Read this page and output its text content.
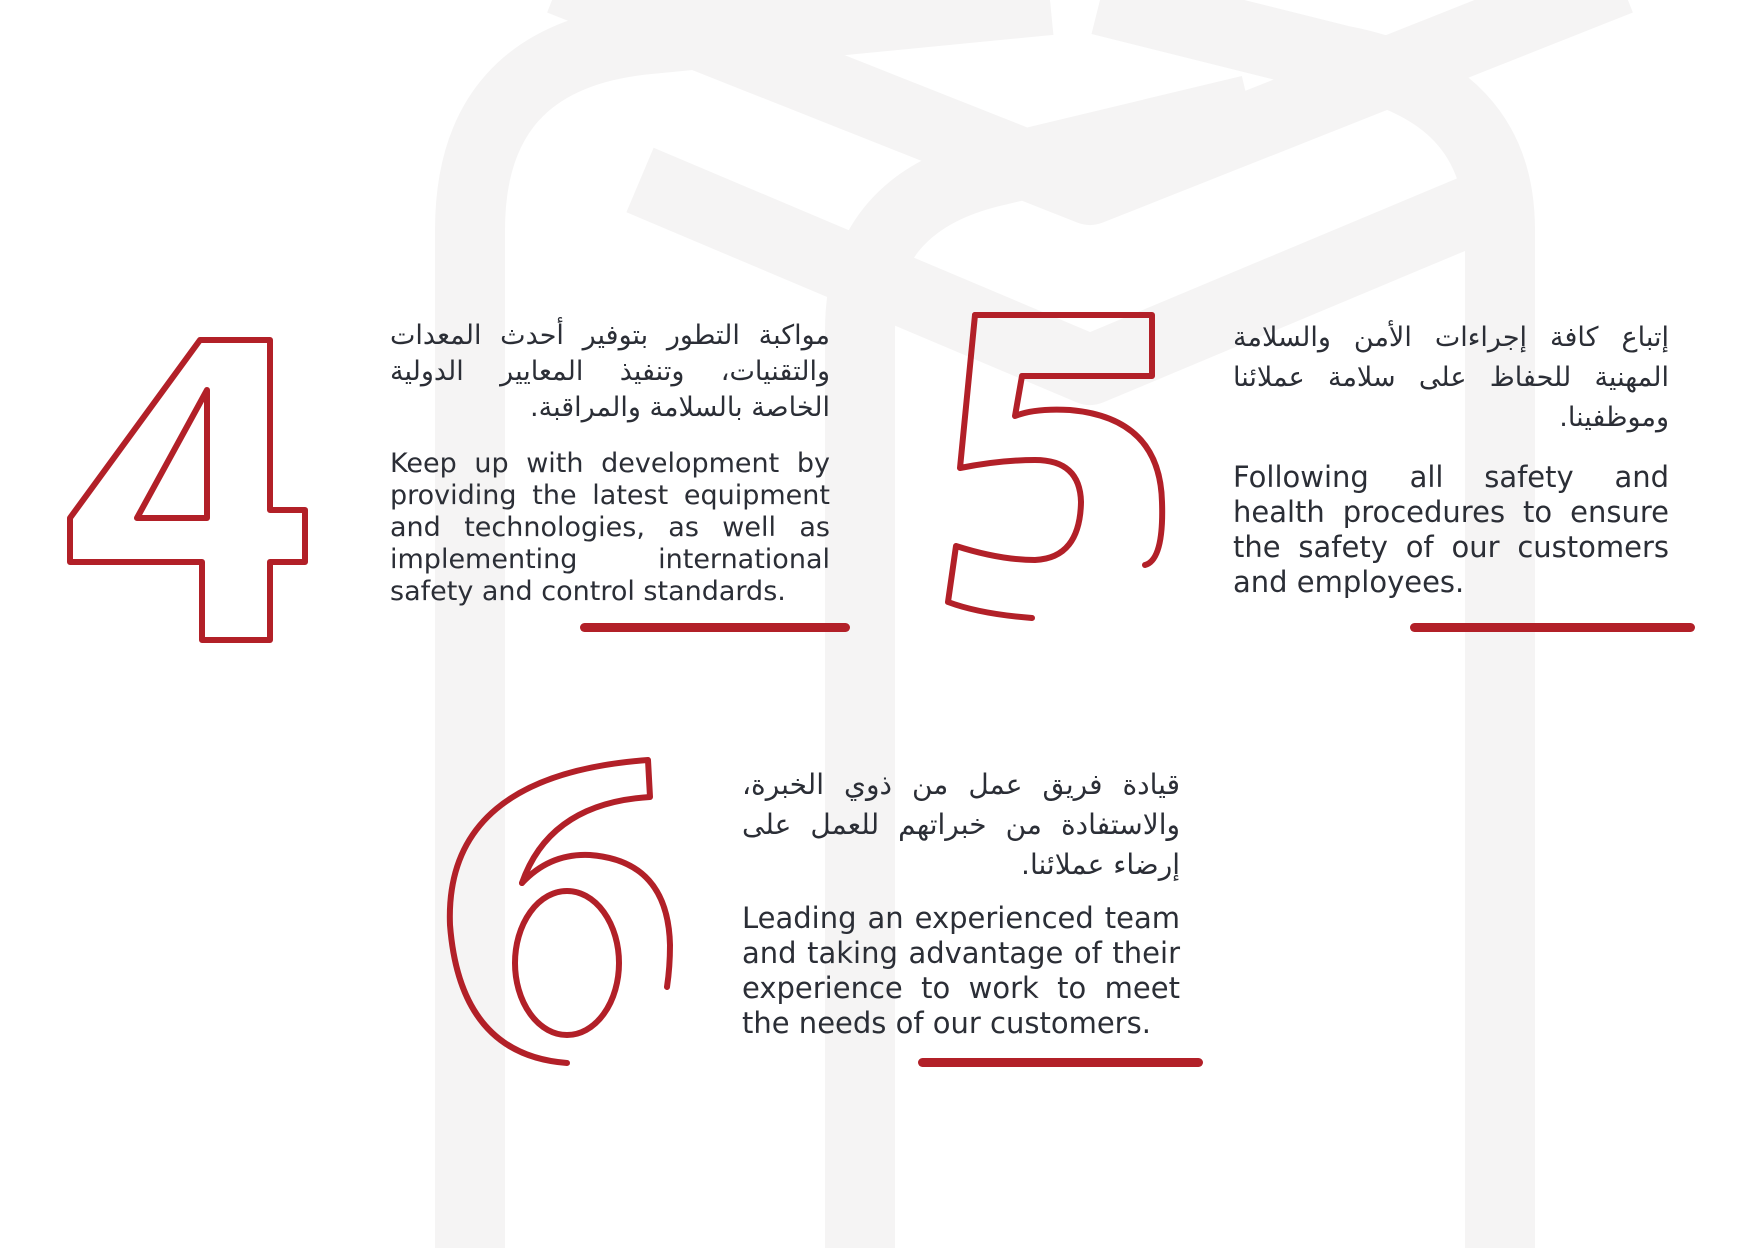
مواكبة التطور بتوفير أحدث المعدات والتقنيات، وتنفيذ المعايير الدولية الخاصة بالسلامة والمراقبة.

Keep up with development by providing the latest equipment and technologies, as well as implementing international safety and control standards.

إتباع كافة إجراءات الأمن والسلامة المهنية للحفاظ على سلامة عملائنا وموظفينا.

Following all safety and health procedures to ensure the safety of our customers and employees.

قيادة فريق عمل من ذوي الخبرة، والاستفادة من خبراتهم للعمل على إرضاء عملائنا.

Leading an experienced team and taking advantage of their experience to work to meet the needs of our customers.
